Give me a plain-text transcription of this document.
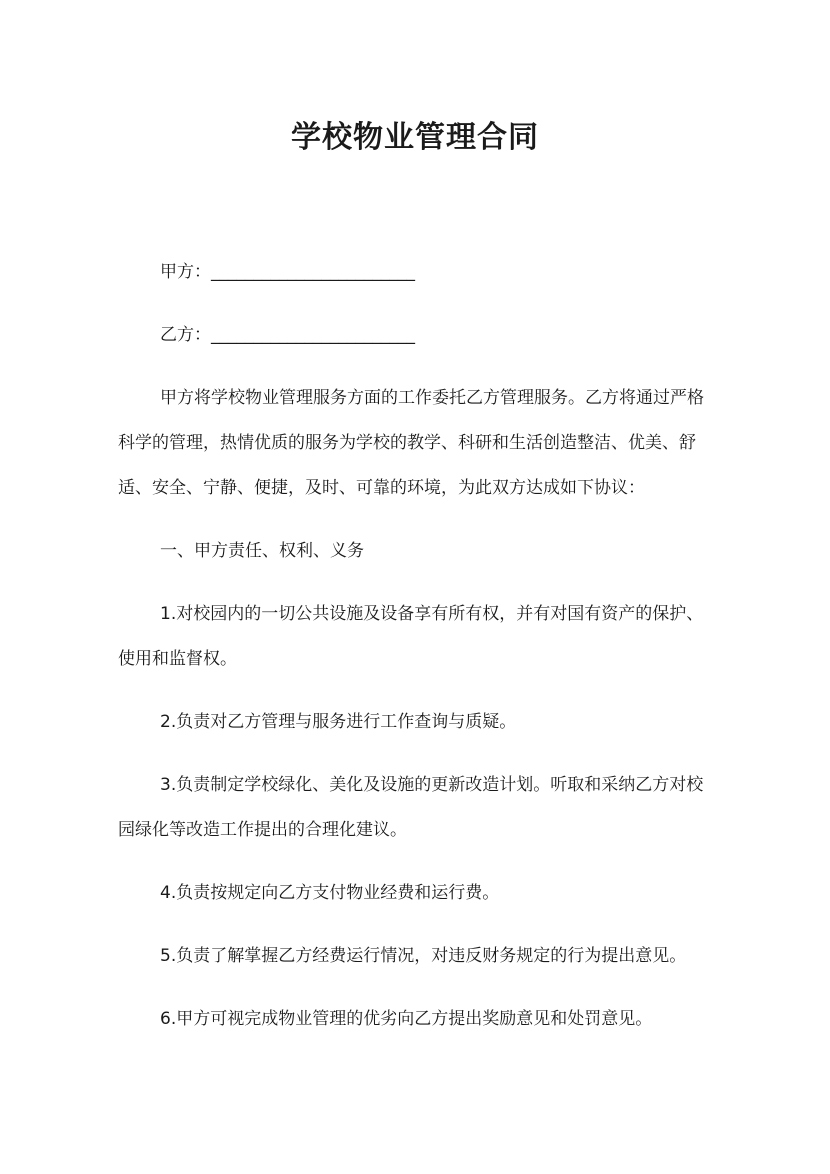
学校物业管理合同
甲方：________________________
乙方：________________________
甲方将学校物业管理服务方面的工作委托乙方管理服务。乙方将通过严格
科学的管理，热情优质的服务为学校的教学、科研和生活创造整洁、优美、舒
适、安全、宁静、便捷，及时、可靠的环境，为此双方达成如下协议：
一、甲方责任、权利、义务
1.对校园内的一切公共设施及设备享有所有权，并有对国有资产的保护、
使用和监督权。
2.负责对乙方管理与服务进行工作查询与质疑。
3.负责制定学校绿化、美化及设施的更新改造计划。听取和采纳乙方对校
园绿化等改造工作提出的合理化建议。
4.负责按规定向乙方支付物业经费和运行费。
5.负责了解掌握乙方经费运行情况，对违反财务规定的行为提出意见。
6.甲方可视完成物业管理的优劣向乙方提出奖励意见和处罚意见。
